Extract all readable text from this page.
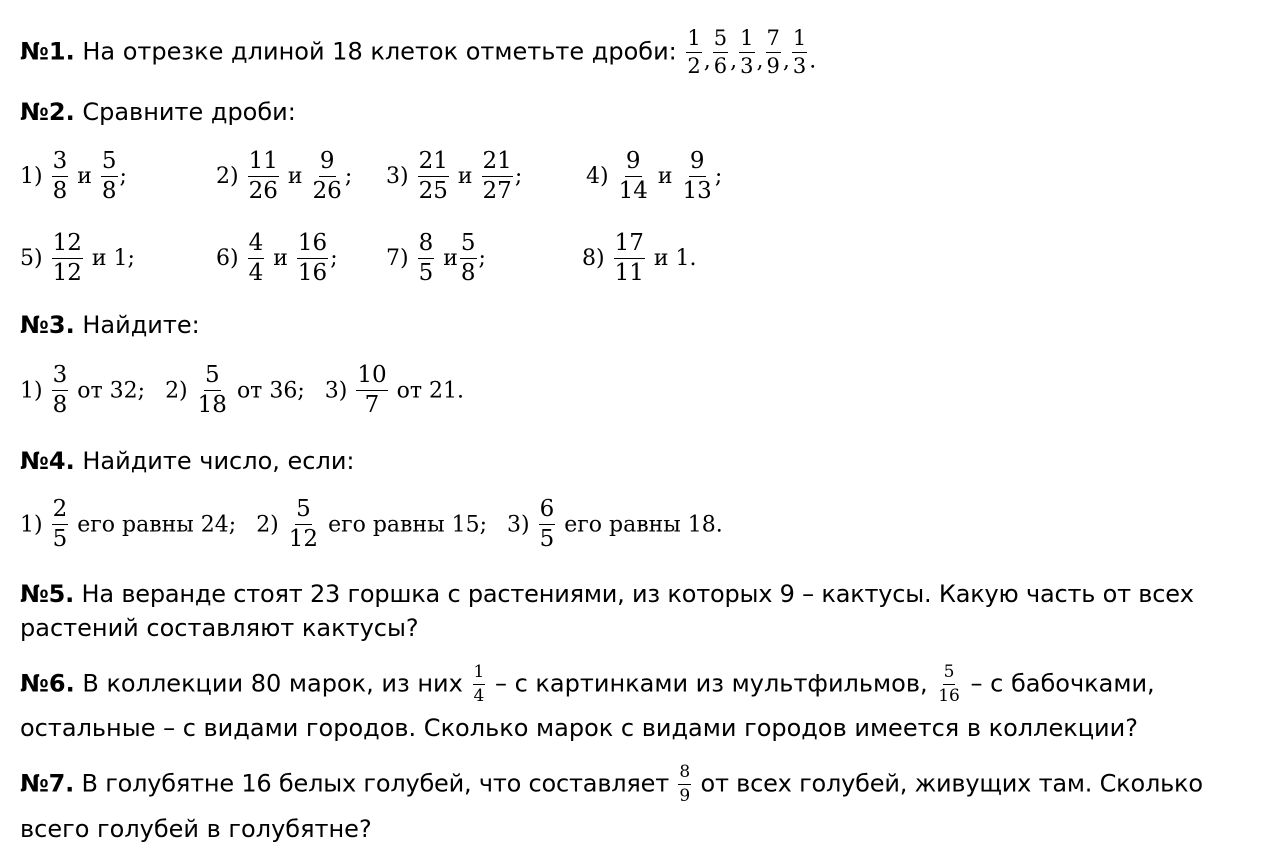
№1. На отрезке длиной 18 клеток отметьте дроби: $\frac{1}{2}$ , $\frac{5}{6}$ , $\frac{1}{3}$ , $\frac{7}{9}$ , $\frac{1}{3}$ .
№2. Сравните дроби:
$1) \frac{3}{8}$ и $\frac{5}{8}$ ;	$2) \frac{11}{26}$ и $\frac{9}{26}$ ; $3) \frac{21}{25}$ и $\frac{21}{27}$ ;	$4) \frac{9}{14}$ и $\frac{9}{13}$ ;
$5) \frac{12}{12}$ и 1;	$6) \frac{4}{4}$ и $\frac{16}{16}$ ; $7) \frac{8}{5}$ и $\frac{5}{8}$ ;	$8) \frac{17}{11}$ и 1.
№3. Найдите:
$1) \frac{3}{8}$ от 32; $2) \frac{5}{18}$ от 36; $3) \frac{10}{7}$ от 21.
№4. Найдите число, если:
$1) \frac{2}{5}$ его равны 24; $2) \frac{5}{12}$ его равны 15; $3) \frac{6}{5}$ его равны 18.
№5. На веранде стоят 23 горшка с растениями, из которых 9 – кактусы. Какую часть от всех
растений составляют кактусы?
№6. В коллекции 80 марок, из них $\frac{1}{4}$ – с картинками из мультфильмов, $\frac{5}{16}$ – с бабочками,
остальные – с видами городов. Сколько марок с видами городов имеется в коллекции?
№7. В голубятне 16 белых голубей, что составляет $\frac{8}{9}$ от всех голубей, живущих там. Сколько
всего голубей в голубятне?
